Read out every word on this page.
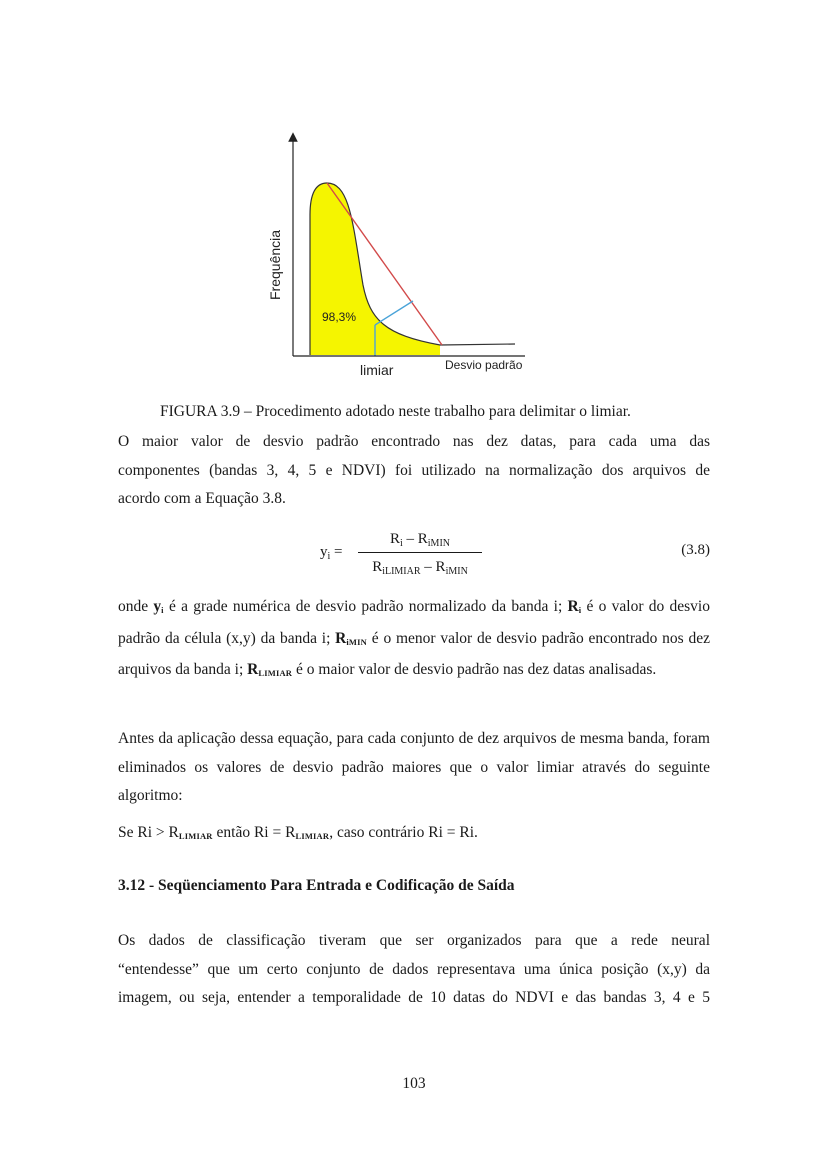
Frequência
98,3%
limiar	Desvio padrão
FIGURA 3.9 – Procedimento adotado neste trabalho para delimitar o limiar.
O maior valor de desvio padrão encontrado nas dez datas, para cada uma das
componentes (bandas 3, 4, 5 e NDVI) foi utilizado na normalização dos arquivos de
acordo com a Equação 3.8.
$y_i$ =
$R_i - R_{iMIN}$
$R_{iLIMIAR} - R_{iMIN}$
(3.8)

onde $y_i$ é a grade numérica de desvio padrão normalizado da banda i; $R_i$ é o valor do desvio padrão da célula (x,y) da banda i; $R_{iMIN}$ é o menor valor de desvio padrão encontrado nos dez arquivos da banda i; $R_{LIMIAR}$ é o maior valor de desvio padrão nas dez datas analisadas.

Antes da aplicação dessa equação, para cada conjunto de dez arquivos de mesma banda, foram eliminados os valores de desvio padrão maiores que o valor limiar através do seguinte algoritmo:

Se $Ri > R_{LIMIAR}$ então $Ri = R_{LIMIAR}$, caso contrário Ri = Ri.

3.12 - Seqüenciamento Para Entrada e Codificação de Saída
Os dados de classificação tiveram que ser organizados para que a rede neural
“entendesse” que um certo conjunto de dados representava uma única posição (x,y) da
imagem, ou seja, entender a temporalidade de 10 datas do NDVI e das bandas 3, 4 e 5
103
